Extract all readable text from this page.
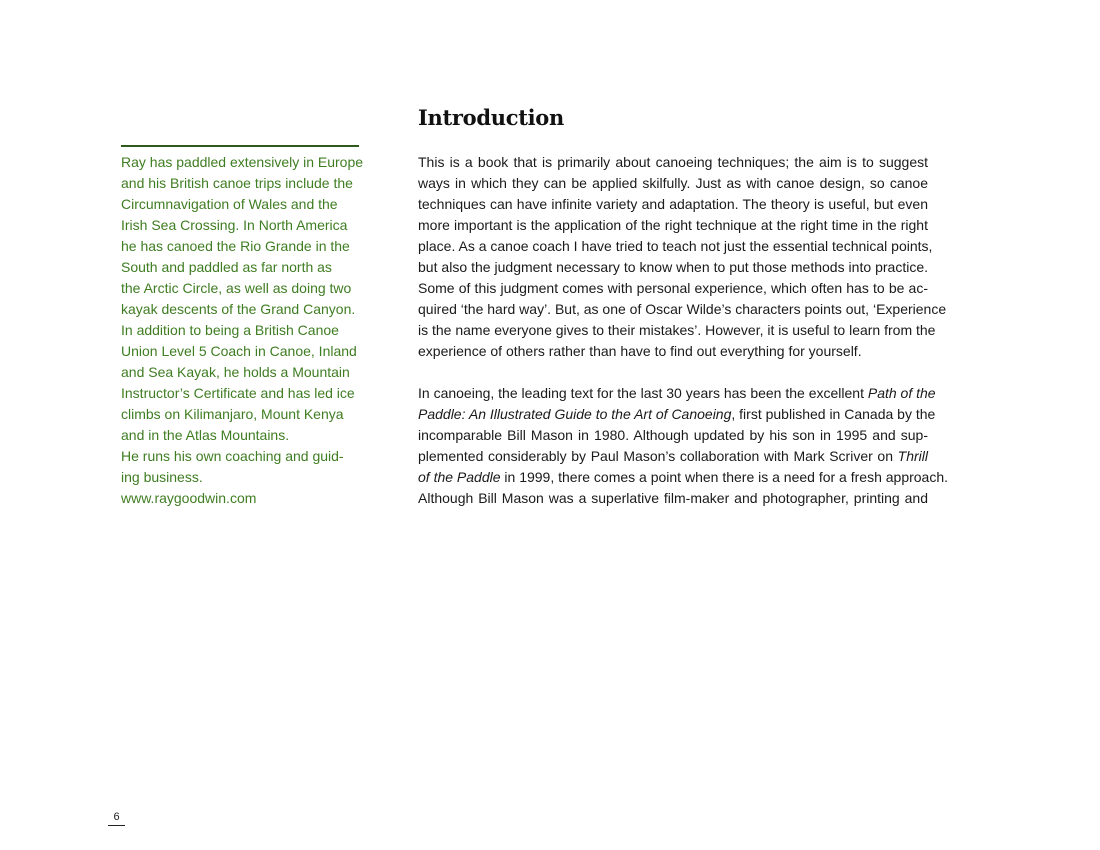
Ray has paddled extensively in Europe
and his British canoe trips include the
Circumnavigation of Wales and the
Irish Sea Crossing. In North America
he has canoed the Rio Grande in the
South and paddled as far north as
the Arctic Circle, as well as doing two
kayak descents of the Grand Canyon.
In addition to being a British Canoe
Union Level 5 Coach in Canoe, Inland
and Sea Kayak, he holds a Mountain
Instructor’s Certificate and has led ice
climbs on Kilimanjaro, Mount Kenya
and in the Atlas Mountains.
He runs his own coaching and guid-
ing business.
www.raygoodwin.com
Introduction

This is a book that is primarily about canoeing techniques; the aim is to suggest
ways in which they can be applied skilfully. Just as with canoe design, so canoe
techniques can have infinite variety and adaptation. The theory is useful, but even
more important is the application of the right technique at the right time in the right
place. As a canoe coach I have tried to teach not just the essential technical points,
but also the judgment necessary to know when to put those methods into practice.
Some of this judgment comes with personal experience, which often has to be ac-
quired ‘the hard way’. But, as one of Oscar Wilde’s characters points out, ‘Experience
is the name everyone gives to their mistakes’. However, it is useful to learn from the
experience of others rather than have to find out everything for yourself.

In canoeing, the leading text for the last 30 years has been the excellent Path of the
Paddle: An Illustrated Guide to the Art of Canoeing, first published in Canada by the
incomparable Bill Mason in 1980. Although updated by his son in 1995 and sup-
plemented considerably by Paul Mason’s collaboration with Mark Scriver on Thrill
of the Paddle in 1999, there comes a point when there is a need for a fresh approach.
Although Bill Mason was a superlative film-maker and photographer, printing and

6
